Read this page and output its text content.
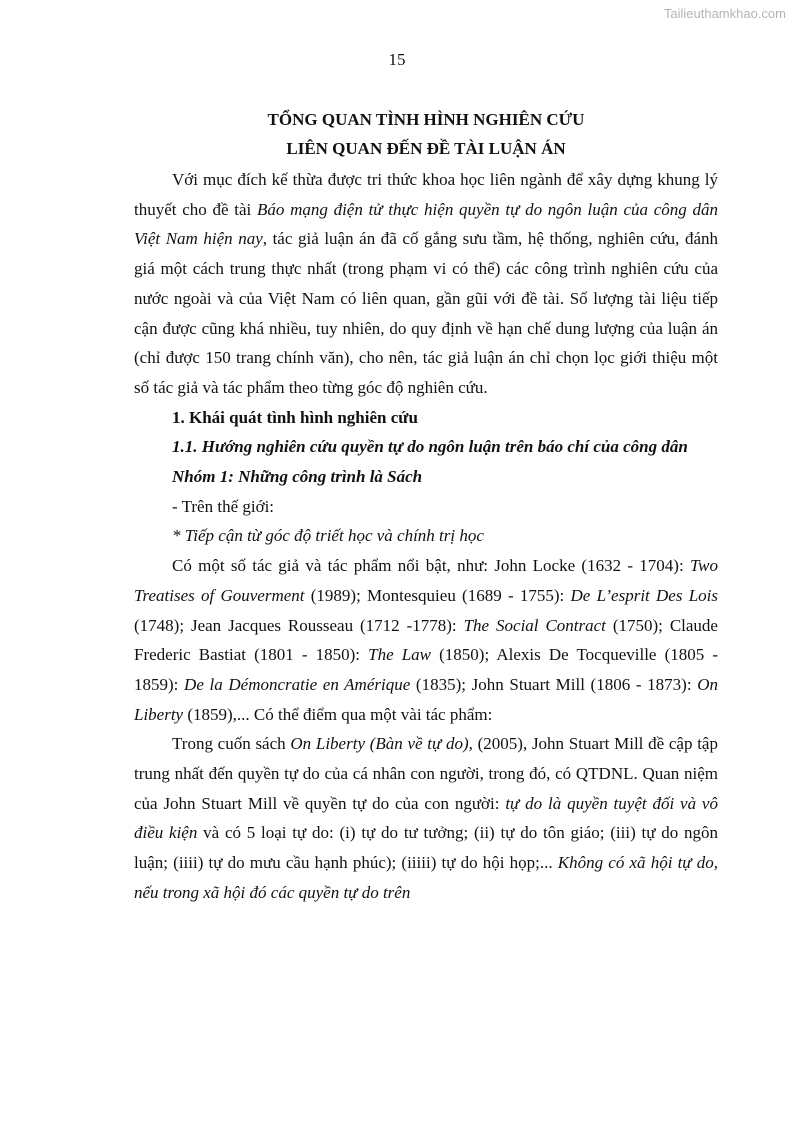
Tailieuthamkhao.com
15
TỔNG QUAN TÌNH HÌNH NGHIÊN CỨU
LIÊN QUAN ĐẾN ĐỀ TÀI LUẬN ÁN

Với mục đích kế thừa được tri thức khoa học liên ngành để xây dựng khung lý thuyết cho đề tài Báo mạng điện tử thực hiện quyền tự do ngôn luận của công dân Việt Nam hiện nay, tác giả luận án đã cố gắng sưu tầm, hệ thống, nghiên cứu, đánh giá một cách trung thực nhất (trong phạm vi có thể) các công trình nghiên cứu của nước ngoài và của Việt Nam có liên quan, gần gũi với đề tài. Số lượng tài liệu tiếp cận được cũng khá nhiều, tuy nhiên, do quy định về hạn chế dung lượng của luận án (chỉ được 150 trang chính văn), cho nên, tác giả luận án chỉ chọn lọc giới thiệu một số tác giả và tác phẩm theo từng góc độ nghiên cứu.

1. Khái quát tình hình nghiên cứu

1.1. Hướng nghiên cứu quyền tự do ngôn luận trên báo chí của công dân

Nhóm 1: Những công trình là Sách

- Trên thế giới:

* Tiếp cận từ góc độ triết học và chính trị học

Có một số tác giả và tác phẩm nổi bật, như: John Locke (1632 - 1704): Two Treatises of Gouverment (1989); Montesquieu (1689 - 1755): De L’esprit Des Lois (1748); Jean Jacques Rousseau (1712 -1778): The Social Contract (1750); Claude Frederic Bastiat (1801 - 1850): The Law (1850); Alexis De Tocqueville (1805 - 1859): De la Démoncratie en Amérique (1835); John Stuart Mill (1806 - 1873): On Liberty (1859),... Có thể điểm qua một vài tác phẩm:

Trong cuốn sách On Liberty (Bàn về tự do), (2005), John Stuart Mill đề cập tập trung nhất đến quyền tự do của cá nhân con người, trong đó, có QTDNL. Quan niệm của John Stuart Mill về quyền tự do của con người: tự do là quyền tuyệt đối và vô điều kiện và có 5 loại tự do: (i) tự do tư tưởng; (ii) tự do tôn giáo; (iii) tự do ngôn luận; (iiii) tự do mưu cầu hạnh phúc); (iiiii) tự do hội họp;... Không có xã hội tự do, nếu trong xã hội đó các quyền tự do trên
